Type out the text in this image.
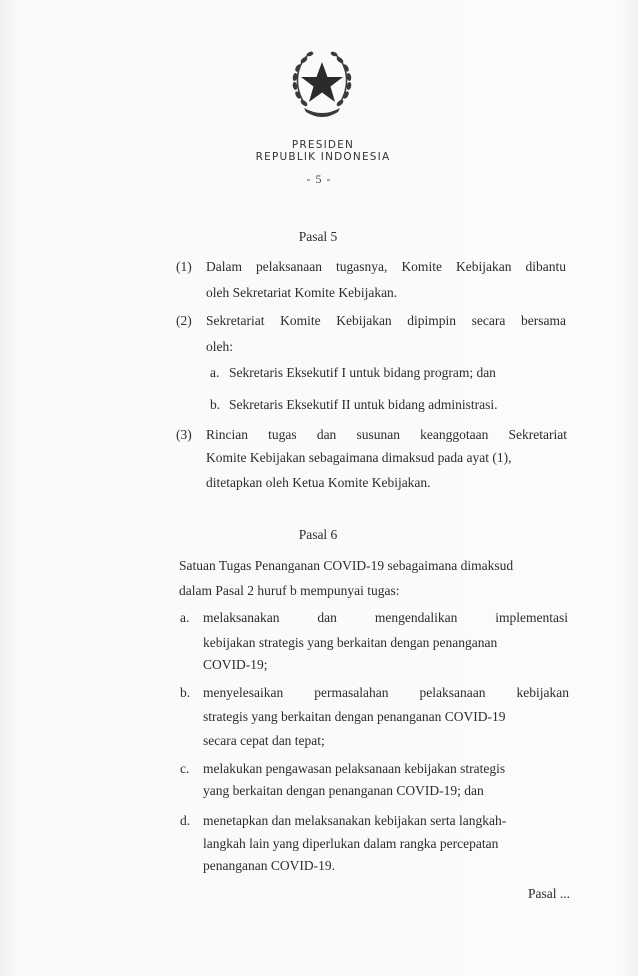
PRESIDEN
REPUBLIK INDONESIA
- 5 -
Pasal 5
(1) Dalam pelaksanaan tugasnya, Komite Kebijakan dibantu
oleh Sekretariat Komite Kebijakan.
(2) Sekretariat Komite Kebijakan dipimpin secara bersama
oleh:
a. Sekretaris Eksekutif I untuk bidang program; dan
b. Sekretaris Eksekutif II untuk bidang administrasi.
(3) Rincian tugas dan susunan keanggotaan Sekretariat
Komite Kebijakan sebagaimana dimaksud pada ayat (1),
ditetapkan oleh Ketua Komite Kebijakan.
Pasal 6
Satuan Tugas Penanganan COVID-19 sebagaimana dimaksud
dalam Pasal 2 huruf b mempunyai tugas:
a. melaksanakan	dan	mengendalikan	implementasi
kebijakan strategis yang berkaitan dengan penanganan
COVID-19;
b. menyelesaikan permasalahan pelaksanaan kebijakan
strategis yang berkaitan dengan penanganan COVID-19
secara cepat dan tepat;
c. melakukan pengawasan pelaksanaan kebijakan strategis
yang berkaitan dengan penanganan COVID-19; dan
d. menetapkan dan melaksanakan kebijakan serta langkah-
langkah lain yang diperlukan dalam rangka percepatan
penanganan COVID-19.
Pasal ...
